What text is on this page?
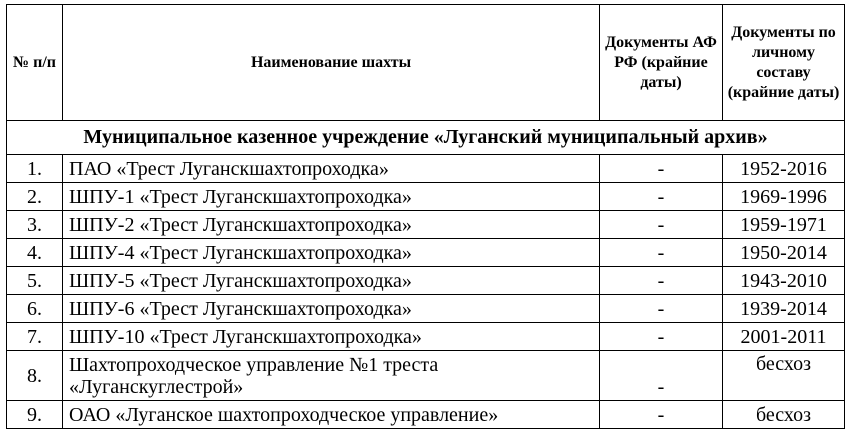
№ п/п	Наименование шахты	Документы АФ РФ (крайние даты)	Документы по личному составу (крайние даты)
Муниципальное казенное учреждение «Луганский муниципальный архив»			
1.	ПАО «Трест Луганскшахтопроходка»	-	1952-2016
2.	ШПУ-1 «Трест Луганскшахтопроходка»	-	1969-1996
3.	ШПУ-2 «Трест Луганскшахтопроходка»	-	1959-1971
4.	ШПУ-4 «Трест Луганскшахтопроходка»	-	1950-2014
5.	ШПУ-5 «Трест Луганскшахтопроходка»	-	1943-2010
6.	ШПУ-6 «Трест Луганскшахтопроходка»	-	1939-2014
7.	ШПУ-10 «Трест Луганскшахтопроходка»	-	2001-2011
8.	Шахтопроходческое управление №1 треста «Луганскуглестрой»	-	бесхоз
9.	ОАО «Луганское шахтопроходческое управление»	-	бесхоз
